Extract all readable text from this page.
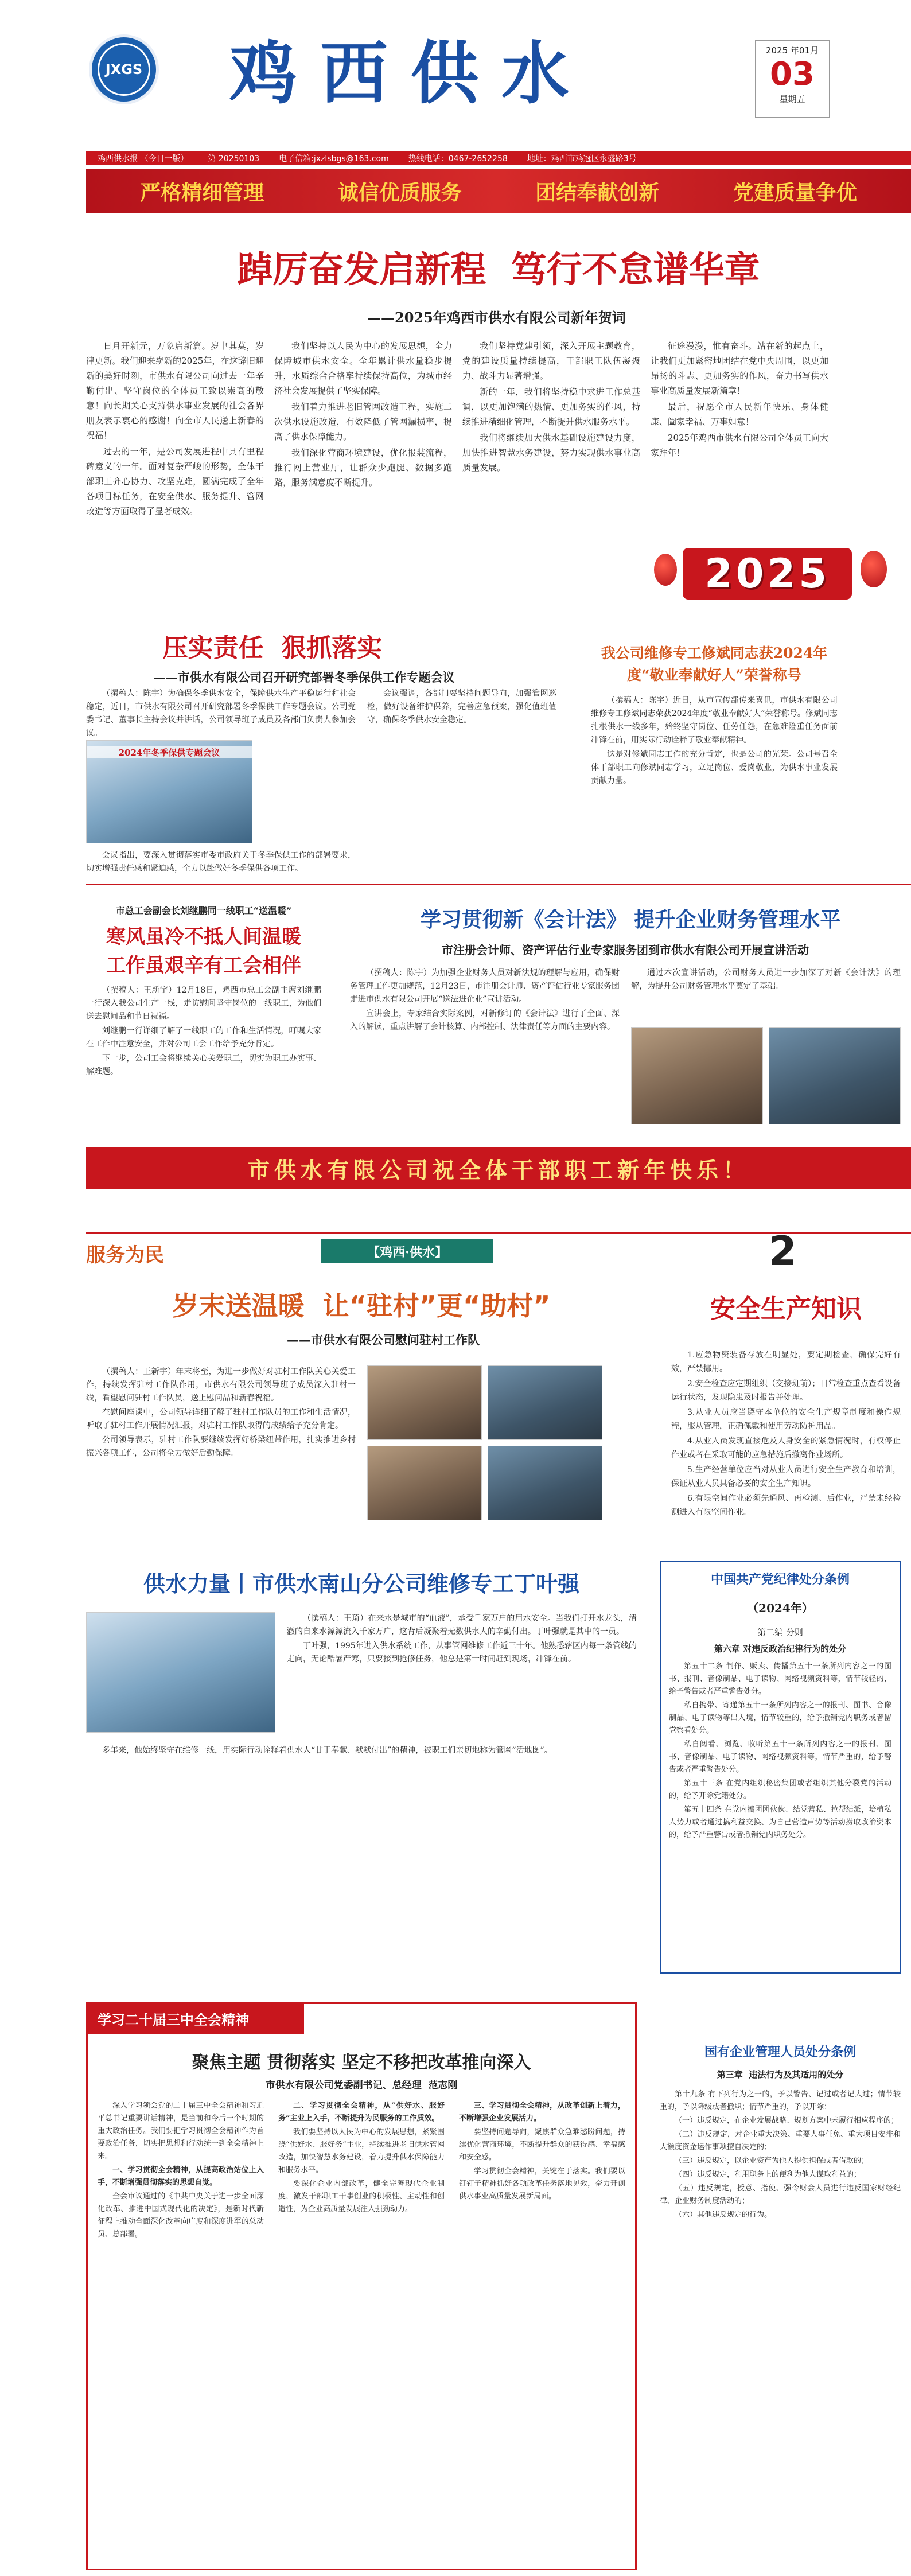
JXGS 鸡西供水	2025 年01月
03
星期五
鸡西供水报 （今日一版） 第 20250103 电子信箱:jxzlsbgs@163.com 热线电话：0467-2652258 地址：鸡西市鸡冠区永盛路3号
严格精细管理	诚信优质服务	团结奉献创新	党建质量争优
踔厉奋发启新程  笃行不怠谱华章
——2025年鸡西市供水有限公司新年贺词

日月开新元，万象启新篇。岁聿其莫，岁律更新。我们迎来崭新的2025年，在这辞旧迎新的美好时刻，市供水有限公司向过去一年辛勤付出、坚守岗位的全体员工致以崇高的敬意！向长期关心支持供水事业发展的社会各界朋友表示衷心的感谢！向全市人民送上新春的祝福！

过去的一年，是公司发展进程中具有里程碑意义的一年。面对复杂严峻的形势，全体干部职工齐心协力、攻坚克难，圆满完成了全年各项目标任务，在安全供水、服务提升、管网改造等方面取得了显著成效。

我们坚持以人民为中心的发展思想，全力保障城市供水安全。全年累计供水量稳步提升，水质综合合格率持续保持高位，为城市经济社会发展提供了坚实保障。

我们着力推进老旧管网改造工程，实施二次供水设施改造，有效降低了管网漏损率，提高了供水保障能力。

我们深化营商环境建设，优化报装流程，推行网上营业厅，让群众少跑腿、数据多跑路，服务满意度不断提升。

我们坚持党建引领，深入开展主题教育，党的建设质量持续提高，干部职工队伍凝聚力、战斗力显著增强。

新的一年，我们将坚持稳中求进工作总基调，以更加饱满的热情、更加务实的作风，持续推进精细化管理，不断提升供水服务水平。

我们将继续加大供水基础设施建设力度，加快推进智慧水务建设，努力实现供水事业高质量发展。

征途漫漫，惟有奋斗。站在新的起点上，让我们更加紧密地团结在党中央周围，以更加昂扬的斗志、更加务实的作风，奋力书写供水事业高质量发展新篇章！

最后，祝愿全市人民新年快乐、身体健康、阖家幸福、万事如意！

2025年鸡西市供水有限公司全体员工向大家拜年！

2025
压实责任  狠抓落实
——市供水有限公司召开研究部署冬季保供工作专题会议
2024年冬季保供专题会议

（撰稿人：陈宇）为确保冬季供水安全，保障供水生产平稳运行和社会稳定，近日，市供水有限公司召开研究部署冬季保供工作专题会议。公司党委书记、董事长主持会议并讲话，公司领导班子成员及各部门负责人参加会议。

会议指出，要深入贯彻落实市委市政府关于冬季保供工作的部署要求，切实增强责任感和紧迫感，全力以赴做好冬季保供各项工作。

会议强调，各部门要坚持问题导向，加强管网巡检，做好设备维护保养，完善应急预案，强化值班值守，确保冬季供水安全稳定。

我公司维修专工修斌同志获2024年度“敬业奉献好人”荣誉称号

（撰稿人：陈宇）近日，从市宣传部传来喜讯，市供水有限公司维修专工修斌同志荣获2024年度“敬业奉献好人”荣誉称号。修斌同志扎根供水一线多年，始终坚守岗位、任劳任怨，在急难险重任务面前冲锋在前，用实际行动诠释了敬业奉献精神。

这是对修斌同志工作的充分肯定，也是公司的光荣。公司号召全体干部职工向修斌同志学习，立足岗位、爱岗敬业，为供水事业发展贡献力量。

市总工会副会长刘继鹏同一线职工“送温暖”
寒风虽冷不抵人间温暖
工作虽艰辛有工会相伴

（撰稿人：王新宇）12月18日，鸡西市总工会副主席刘继鹏一行深入我公司生产一线，走访慰问坚守岗位的一线职工，为他们送去慰问品和节日祝福。

刘继鹏一行详细了解了一线职工的工作和生活情况，叮嘱大家在工作中注意安全，并对公司工会工作给予充分肯定。

下一步，公司工会将继续关心关爱职工，切实为职工办实事、解难题。

学习贯彻新《会计法》 提升企业财务管理水平
市注册会计师、资产评估行业专家服务团到市供水有限公司开展宣讲活动

（撰稿人：陈宇）为加强企业财务人员对新法规的理解与应用，确保财务管理工作更加规范，12月23日，市注册会计师、资产评估行业专家服务团走进市供水有限公司开展“送法进企业”宣讲活动。

宣讲会上，专家结合实际案例，对新修订的《会计法》进行了全面、深入的解读，重点讲解了会计核算、内部控制、法律责任等方面的主要内容。

通过本次宣讲活动，公司财务人员进一步加深了对新《会计法》的理解，为提升公司财务管理水平奠定了基础。

市供水有限公司祝全体干部职工新年快乐！
服务为民	【鸡西·供水】	2
岁末送温暖  让“驻村”更“助村”
——市供水有限公司慰问驻村工作队

（撰稿人：王新宇）年末将至，为进一步做好对驻村工作队关心关爱工作，持续发挥驻村工作队作用，市供水有限公司领导班子成员深入驻村一线，看望慰问驻村工作队员，送上慰问品和新春祝福。

在慰问座谈中，公司领导详细了解了驻村工作队员的工作和生活情况，听取了驻村工作开展情况汇报，对驻村工作队取得的成绩给予充分肯定。

公司领导表示，驻村工作队要继续发挥好桥梁纽带作用，扎实推进乡村振兴各项工作，公司将全力做好后勤保障。

安全生产知识

1.应急物资装备存放在明显处，要定期检查，确保完好有效，严禁挪用。

2.安全检查应定期组织（交接班前）；日常检查重点查看设备运行状态，发现隐患及时报告并处理。

3.从业人员应当遵守本单位的安全生产规章制度和操作规程，服从管理，正确佩戴和使用劳动防护用品。

4.从业人员发现直接危及人身安全的紧急情况时，有权停止作业或者在采取可能的应急措施后撤离作业场所。

5.生产经营单位应当对从业人员进行安全生产教育和培训，保证从业人员具备必要的安全生产知识。

6.有限空间作业必须先通风、再检测、后作业，严禁未经检测进入有限空间作业。

供水力量丨市供水南山分公司维修专工丁叶强

（撰稿人：王琦）在来水是城市的“血液”，承受千家万户的用水安全。当我们打开水龙头，清澈的自来水源源流入千家万户，这背后凝聚着无数供水人的辛勤付出。丁叶强就是其中的一员。

丁叶强，1995年进入供水系统工作，从事管网维修工作近三十年。他熟悉辖区内每一条管线的走向，无论酷暑严寒，只要接到抢修任务，他总是第一时间赶到现场，冲锋在前。

多年来，他始终坚守在维修一线，用实际行动诠释着供水人“甘于奉献、默默付出”的精神，被职工们亲切地称为管网“活地图”。

中国共产党纪律处分条例
（2024年）
第二编 分则
第六章 对违反政治纪律行为的处分

第五十二条 制作、贩卖、传播第五十一条所列内容之一的图书、报刊、音像制品、电子读物、网络视频资料等，情节较轻的，给予警告或者严重警告处分。

私自携带、寄递第五十一条所列内容之一的报刊、图书、音像制品、电子读物等出入境，情节较重的，给予撤销党内职务或者留党察看处分。

私自阅看、浏览、收听第五十一条所列内容之一的报刊、图书、音像制品、电子读物、网络视频资料等，情节严重的，给予警告或者严重警告处分。

第五十三条 在党内组织秘密集团或者组织其他分裂党的活动的，给予开除党籍处分。

第五十四条 在党内搞团团伙伙、结党营私、拉帮结派，培植私人势力或者通过搞利益交换、为自己营造声势等活动捞取政治资本的，给予严重警告或者撤销党内职务处分。

学习二十届三中全会精神
聚焦主题 贯彻落实 坚定不移把改革推向深入
市供水有限公司党委副书记、总经理  范志刚

深入学习领会党的二十届三中全会精神和习近平总书记重要讲话精神，是当前和今后一个时期的重大政治任务。我们要把学习贯彻全会精神作为首要政治任务，切实把思想和行动统一到全会精神上来。

一、学习贯彻全会精神，从提高政治站位上入手，不断增强贯彻落实的思想自觉。

全会审议通过的《中共中央关于进一步全面深化改革、推进中国式现代化的决定》，是新时代新征程上推动全面深化改革向广度和深度进军的总动员、总部署。

二、学习贯彻全会精神，从“供好水、服好务”主业上入手，不断提升为民服务的工作质效。

我们要坚持以人民为中心的发展思想，紧紧围绕“供好水、服好务”主业，持续推进老旧供水管网改造，加快智慧水务建设，着力提升供水保障能力和服务水平。

要深化企业内部改革，健全完善现代企业制度，激发干部职工干事创业的积极性、主动性和创造性，为企业高质量发展注入强劲动力。

三、学习贯彻全会精神，从改革创新上着力，不断增强企业发展活力。

要坚持问题导向，聚焦群众急难愁盼问题，持续优化营商环境，不断提升群众的获得感、幸福感和安全感。

学习贯彻全会精神，关键在于落实。我们要以钉钉子精神抓好各项改革任务落地见效，奋力开创供水事业高质量发展新局面。

国有企业管理人员处分条例
第三章  违法行为及其适用的处分

第十九条 有下列行为之一的，予以警告、记过或者记大过；情节较重的，予以降级或者撤职；情节严重的，予以开除：

（一）违反规定，在企业发展战略、规划方案中未履行相应程序的；

（二）违反规定，对企业重大决策、重要人事任免、重大项目安排和大额度资金运作事项擅自决定的；

（三）违反规定，以企业资产为他人提供担保或者借款的；

（四）违反规定，利用职务上的便利为他人谋取利益的；

（五）违反规定，授意、指使、强令财会人员进行违反国家财经纪律、企业财务制度活动的；

（六）其他违反规定的行为。
